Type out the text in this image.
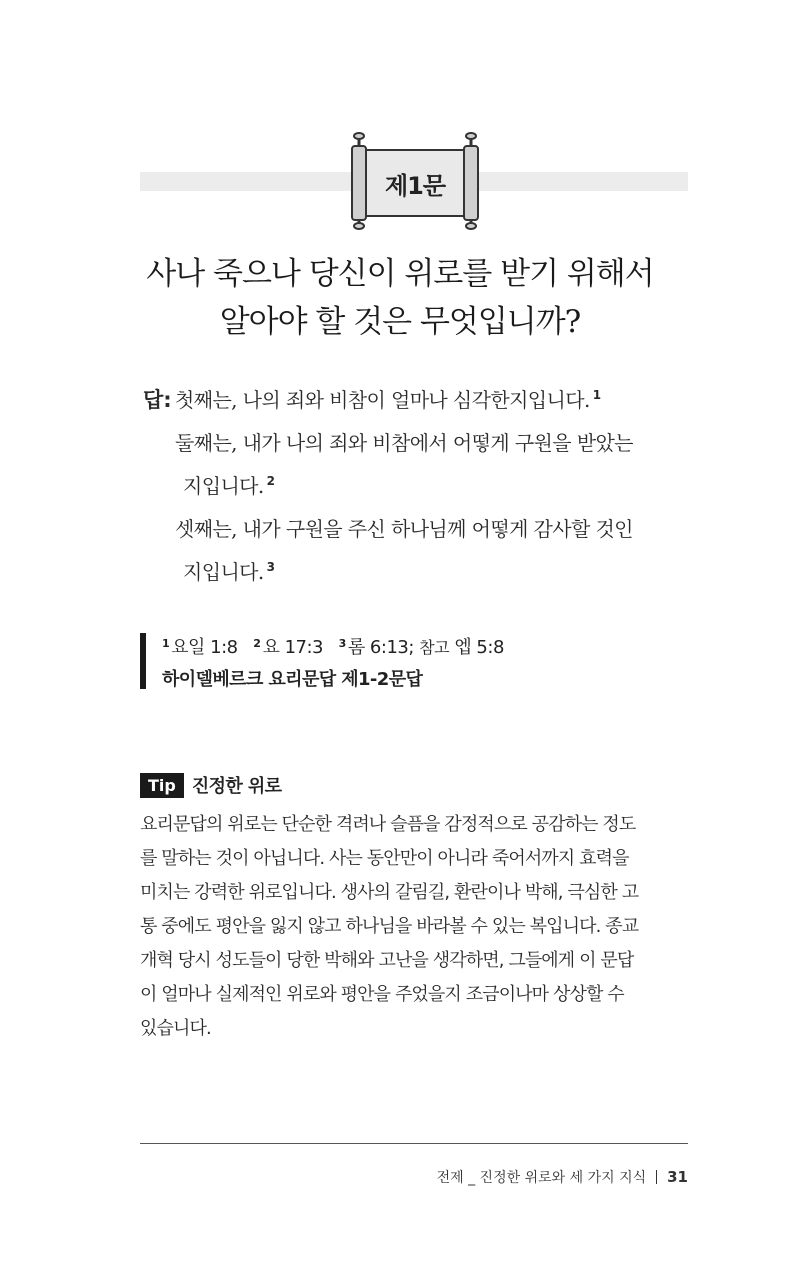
제1문
사나 죽으나 당신이 위로를 받기 위해서
알아야 할 것은 무엇입니까?
답: 첫째는, 나의 죄와 비참이 얼마나 심각한지입니다. $^1$
둘째는, 내가 나의 죄와 비참에서 어떻게 구원을 받았는
지입니다. $^2$
셋째는, 내가 구원을 주신 하나님께 어떻게 감사할 것인
지입니다. $^3$
$^1$ 요일 1:8 $^2$ 요 17:3 $^3$ 롬 6:13; 참고 엡 5:8
하이델베르크 요리문답 제1-2문답
Tip 진정한 위로
요리문답의 위로는 단순한 격려나 슬픔을 감정적으로 공감하는 정도
를 말하는 것이 아닙니다. 사는 동안만이 아니라 죽어서까지 효력을
미치는 강력한 위로입니다. 생사의 갈림길, 환란이나 박해, 극심한 고
통 중에도 평안을 잃지 않고 하나님을 바라볼 수 있는 복입니다. 종교
개혁 당시 성도들이 당한 박해와 고난을 생각하면, 그들에게 이 문답
이 얼마나 실제적인 위로와 평안을 주었을지 조금이나마 상상할 수
있습니다.
전제 _ 진정한 위로와 세 가지 지식 31
